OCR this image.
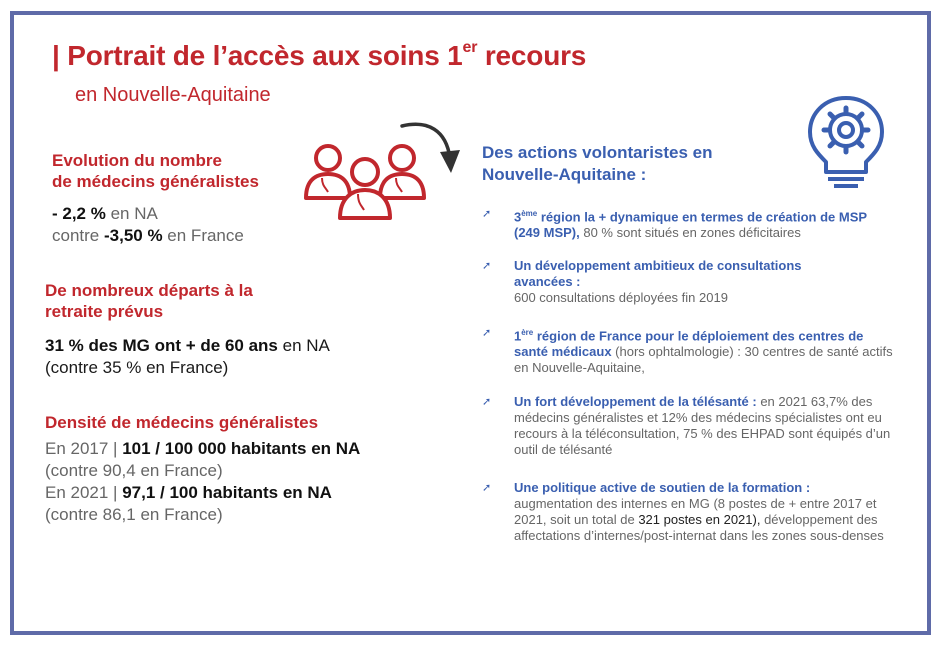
| Portrait de l’accès aux soins 1er recours
en Nouvelle-Aquitaine
Evolution du nombre
de médecins généralistes
- 2,2 % en NA
contre -3,50 % en France
De nombreux départs à la
retraite prévus
31 % des MG ont + de 60 ans en NA
(contre 35 % en France)
Densité de médecins généralistes
En 2017 | 101 / 100 000 habitants en NA
(contre 90,4 en France)
En 2021 | 97,1 / 100 habitants en NA
(contre 86,1 en France)
Des actions volontaristes en
Nouvelle-Aquitaine :
➚ 3ème région la + dynamique en termes de création de MSP (249 MSP), 80 % sont situés en zones déficitaires
➚ Un développement ambitieux de consultations avancées :
600 consultations déployées fin 2019
➚ 1ère région de France pour le déploiement des centres de santé médicaux (hors ophtalmologie) : 30 centres de santé actifs en Nouvelle-Aquitaine,
➚ Un fort développement de la télésanté : en 2021 63,7% des médecins généralistes et 12% des médecins spécialistes ont eu recours à la téléconsultation, 75 % des EHPAD sont équipés d’un outil de télésanté
➚ Une politique active de soutien de la formation :
augmentation des internes en MG (8 postes de + entre 2017 et 2021, soit un total de 321 postes en 2021), développement des affectations d’internes/post-internat dans les zones sous-denses
